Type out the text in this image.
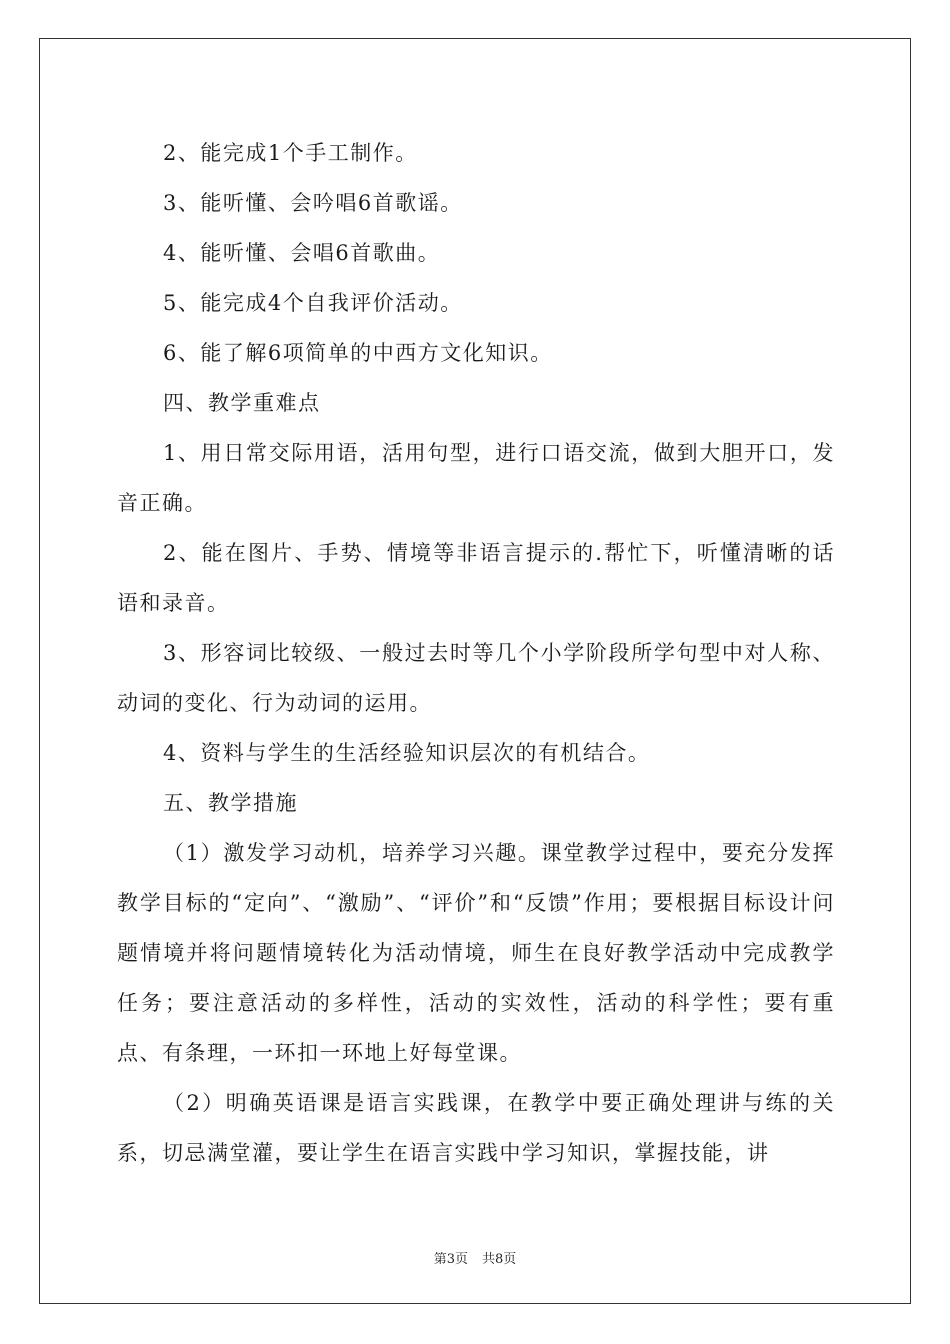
2、能完成1个手工制作。

3、能听懂、会吟唱6首歌谣。

4、能听懂、会唱6首歌曲。

5、能完成4个自我评价活动。

6、能了解6项简单的中西方文化知识。

四、教学重难点

1、用日常交际用语，活用句型，进行口语交流，做到大胆开口，发音正确。

2、能在图片、手势、情境等非语言提示的.帮忙下，听懂清晰的话语和录音。

3、形容词比较级、一般过去时等几个小学阶段所学句型中对人称、动词的变化、行为动词的运用。

4、资料与学生的生活经验知识层次的有机结合。

五、教学措施

（1）激发学习动机，培养学习兴趣。课堂教学过程中，要充分发挥教学目标的“定向”、“激励”、“评价”和“反馈”作用；要根据目标设计问题情境并将问题情境转化为活动情境，师生在良好教学活动中完成教学任务；要注意活动的多样性，活动的实效性，活动的科学性；要有重点、有条理，一环扣一环地上好每堂课。

（2）明确英语课是语言实践课，在教学中要正确处理讲与练的关系，切忌满堂灌，要让学生在语言实践中学习知识，掌握技能，讲

第3页 共8页
